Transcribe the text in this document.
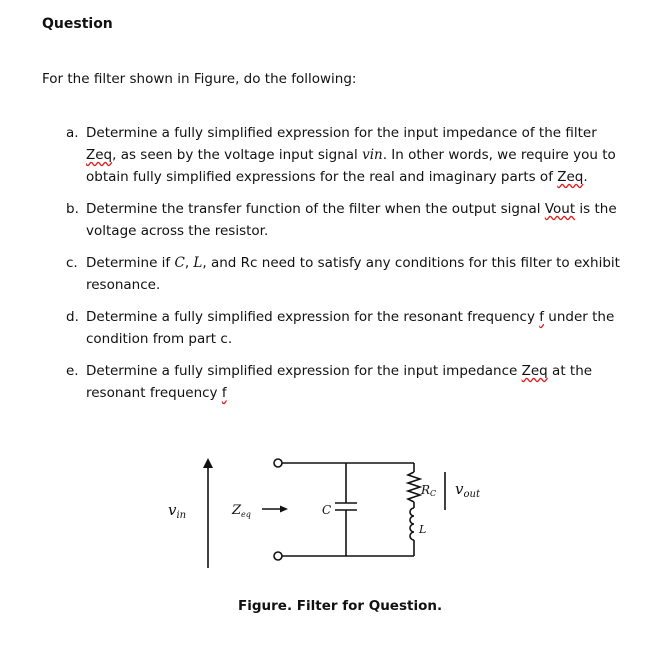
Question
For the filter shown in Figure, do the following:
a. Determine a fully simplified expression for the input impedance of the filter Zeq, as seen by the voltage input signal vin. In other words, we require you to obtain fully simplified expressions for the real and imaginary parts of Zeq.
b. Determine the transfer function of the filter when the output signal Vout is the voltage across the resistor.
c. Determine if C, L, and Rc need to satisfy any conditions for this filter to exhibit resonance.
d. Determine a fully simplified expression for the resonant frequency f under the condition from part c.
e. Determine a fully simplified expression for the input impedance Zeq at the resonant frequency f
$v_{in}$	$Z_{eq}$	C
RC
L
$v_{out}$
Figure. Filter for Question.
